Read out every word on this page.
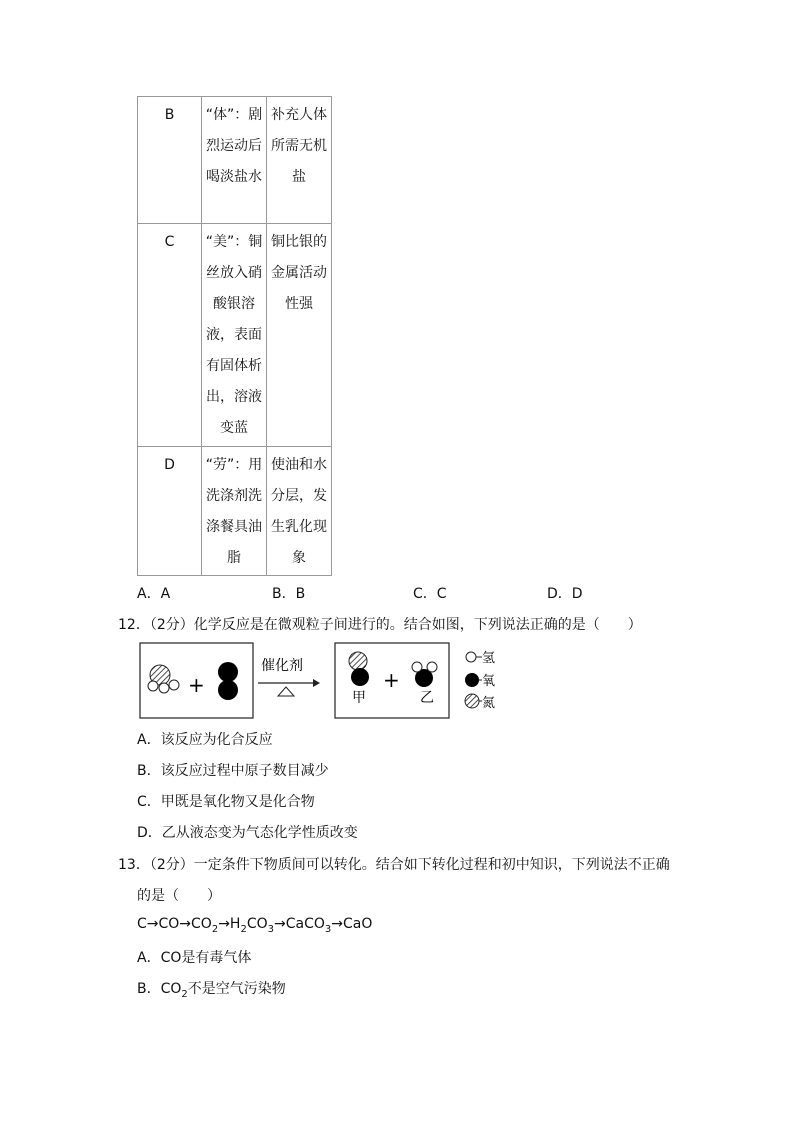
B	“体”：剧烈运动后喝淡盐水	补充人体所需无机盐

C	“美”：铜丝放入硝酸银溶液，表面有固体析出，溶液变蓝	铜比银的金属活动性强

D	“劳”：用洗涤剂洗涤餐具油脂	使油和水分层，发生乳化现象
A．A	B．B	C．C	D．D
12．（2分）化学反应是在微观粒子间进行的。结合如图，下列说法正确的是（　　）
+
催化剂
甲
+
乙
氢
氧
氮
A．该反应为化合反应
B．该反应过程中原子数目减少
C．甲既是氧化物又是化合物
D．乙从液态变为气态化学性质改变
13．（2分）一定条件下物质间可以转化。结合如下转化过程和初中知识，下列说法不正确
的是（　　）
$C\to CO\to CO_2\to H_2CO_3\to CaCO_3\to CaO$
A．CO是有毒气体
B．$CO_2$不是空气污染物
